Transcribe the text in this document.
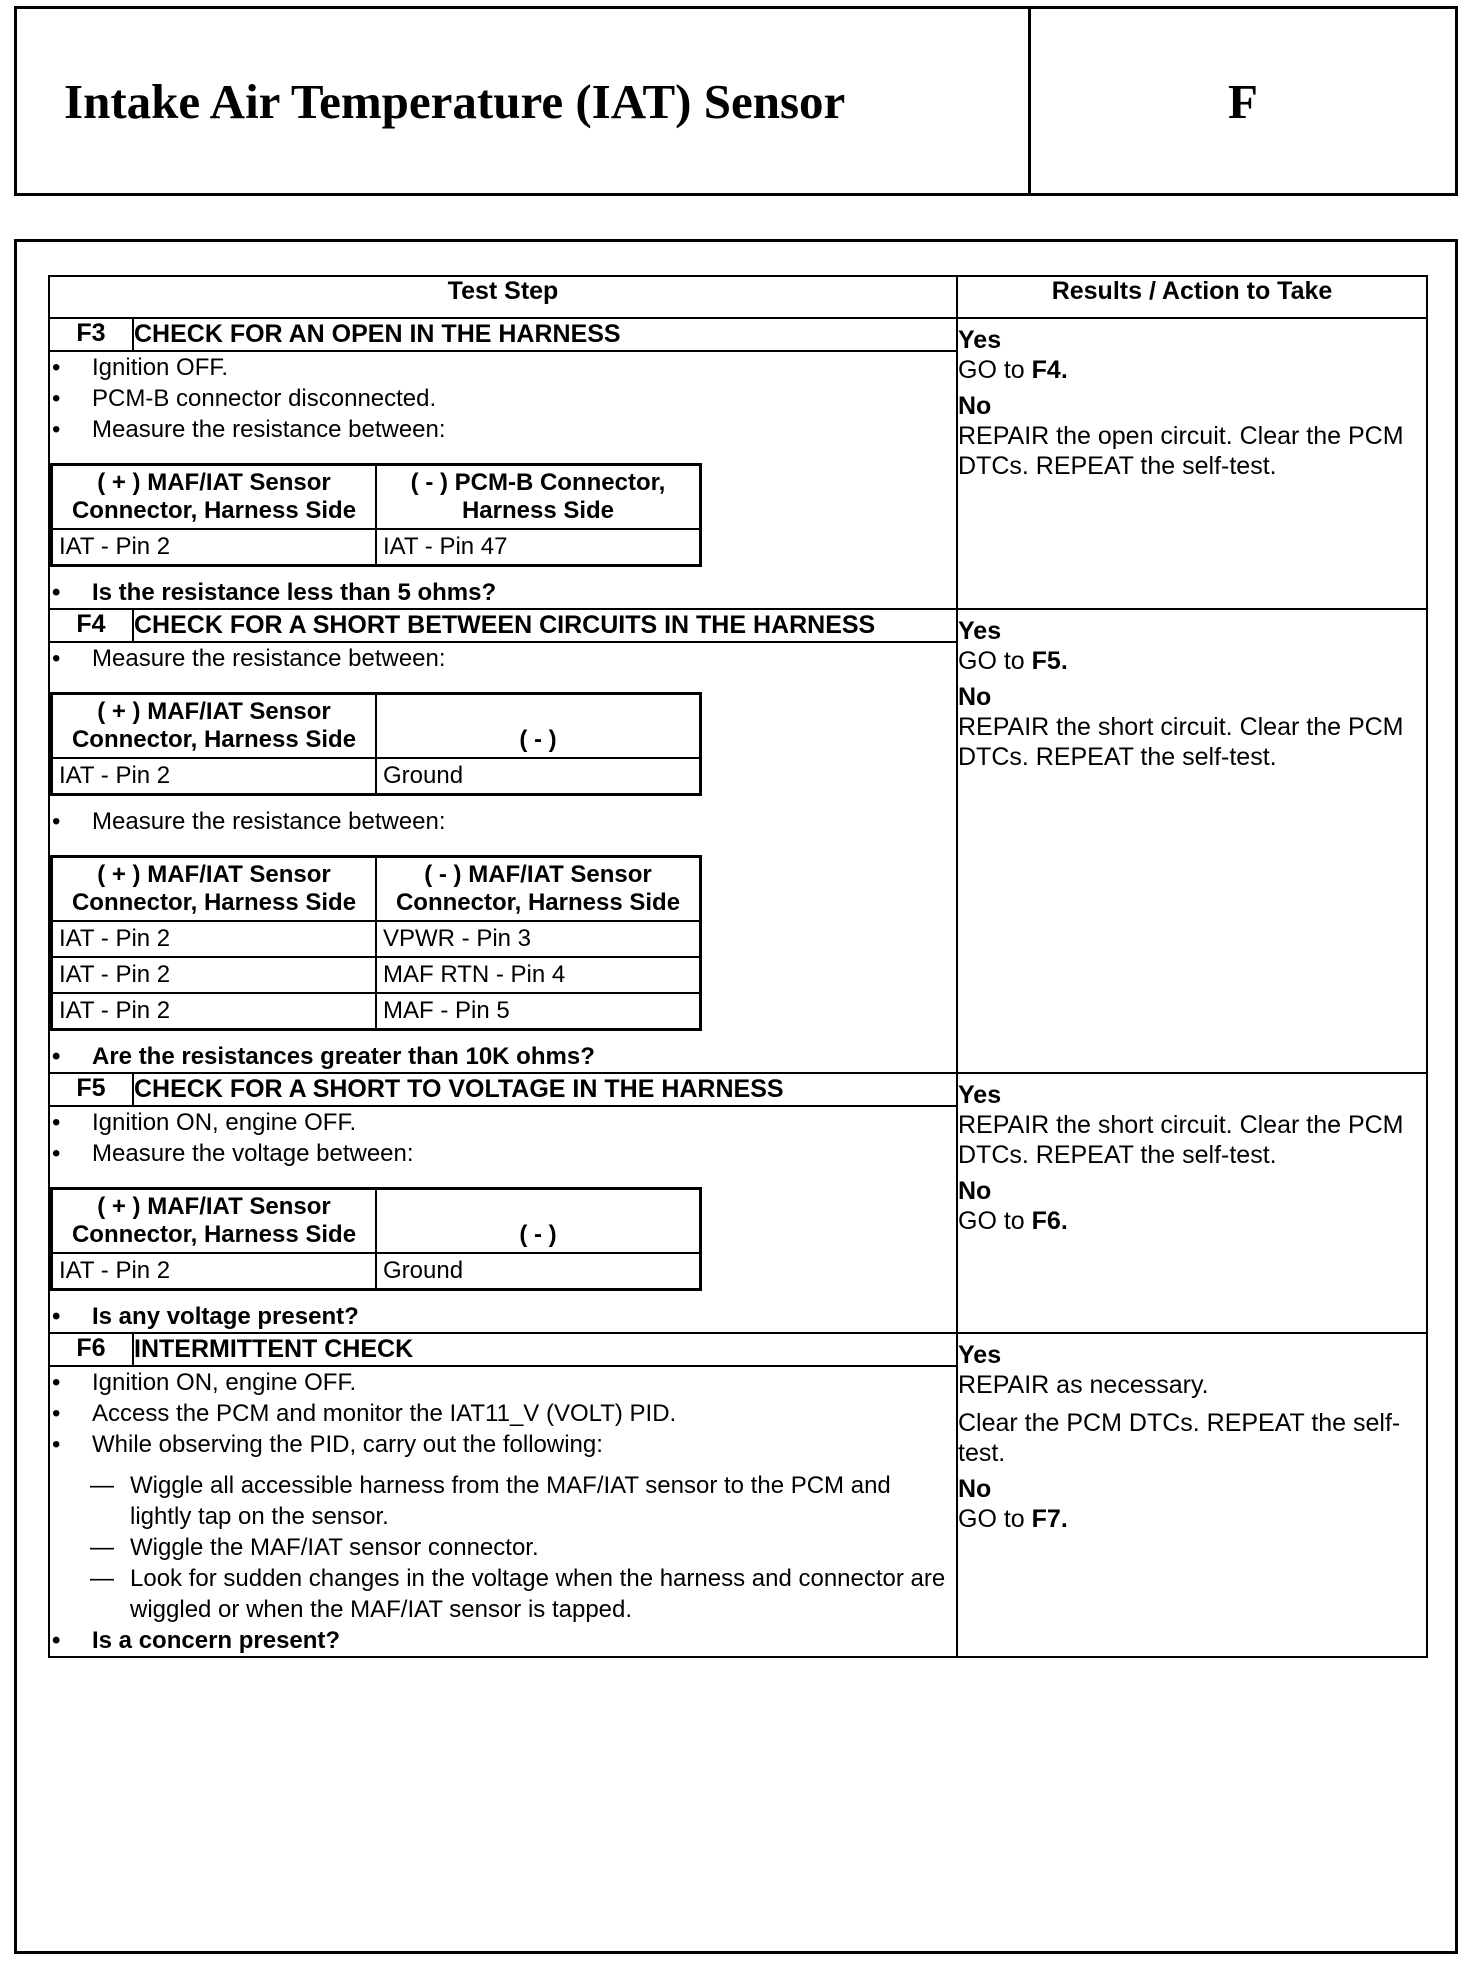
Intake Air Temperature (IAT) Sensor	F
Test Step	Results / Action to Take
F3	CHECK FOR AN OPEN IN THE HARNESS	Yes
GO to F4.
No
REPAIR the open circuit. Clear the PCM DTCs. REPEAT the self-test.

•	Ignition OFF.
•	PCM-B connector disconnected.
•	Measure the resistance between:
( + ) MAF/IAT Sensor Connector, Harness Side	( - ) PCM-B Connector, Harness Side
IAT - Pin 2	IAT - Pin 47
•	Is the resistance less than 5 ohms?

F4	CHECK FOR A SHORT BETWEEN CIRCUITS IN THE HARNESS	Yes
GO to F5.
No
REPAIR the short circuit. Clear the PCM DTCs. REPEAT the self-test.

•	Measure the resistance between:
( + ) MAF/IAT Sensor Connector, Harness Side	( - )
IAT - Pin 2	Ground
•	Measure the resistance between:
( + ) MAF/IAT Sensor Connector, Harness Side	( - ) MAF/IAT Sensor Connector, Harness Side
IAT - Pin 2	VPWR - Pin 3
IAT - Pin 2	MAF RTN - Pin 4
IAT - Pin 2	MAF - Pin 5
•	Are the resistances greater than 10K ohms?

F5	CHECK FOR A SHORT TO VOLTAGE IN THE HARNESS	Yes
REPAIR the short circuit. Clear the PCM DTCs. REPEAT the self-test.
No
GO to F6.

•	Ignition ON, engine OFF.
•	Measure the voltage between:
( + ) MAF/IAT Sensor Connector, Harness Side	( - )
IAT - Pin 2	Ground
•	Is any voltage present?

F6	INTERMITTENT CHECK	Yes
REPAIR as necessary.
Clear the PCM DTCs. REPEAT the self-test.
No
GO to F7.

•	Ignition ON, engine OFF.
•	Access the PCM and monitor the IAT11_V (VOLT) PID.
•	While observing the PID, carry out the following:
— Wiggle all accessible harness from the MAF/IAT sensor to the PCM and lightly tap on the sensor.
— Wiggle the MAF/IAT sensor connector.
— Look for sudden changes in the voltage when the harness and connector are wiggled or when the MAF/IAT sensor is tapped.
•	Is a concern present?
